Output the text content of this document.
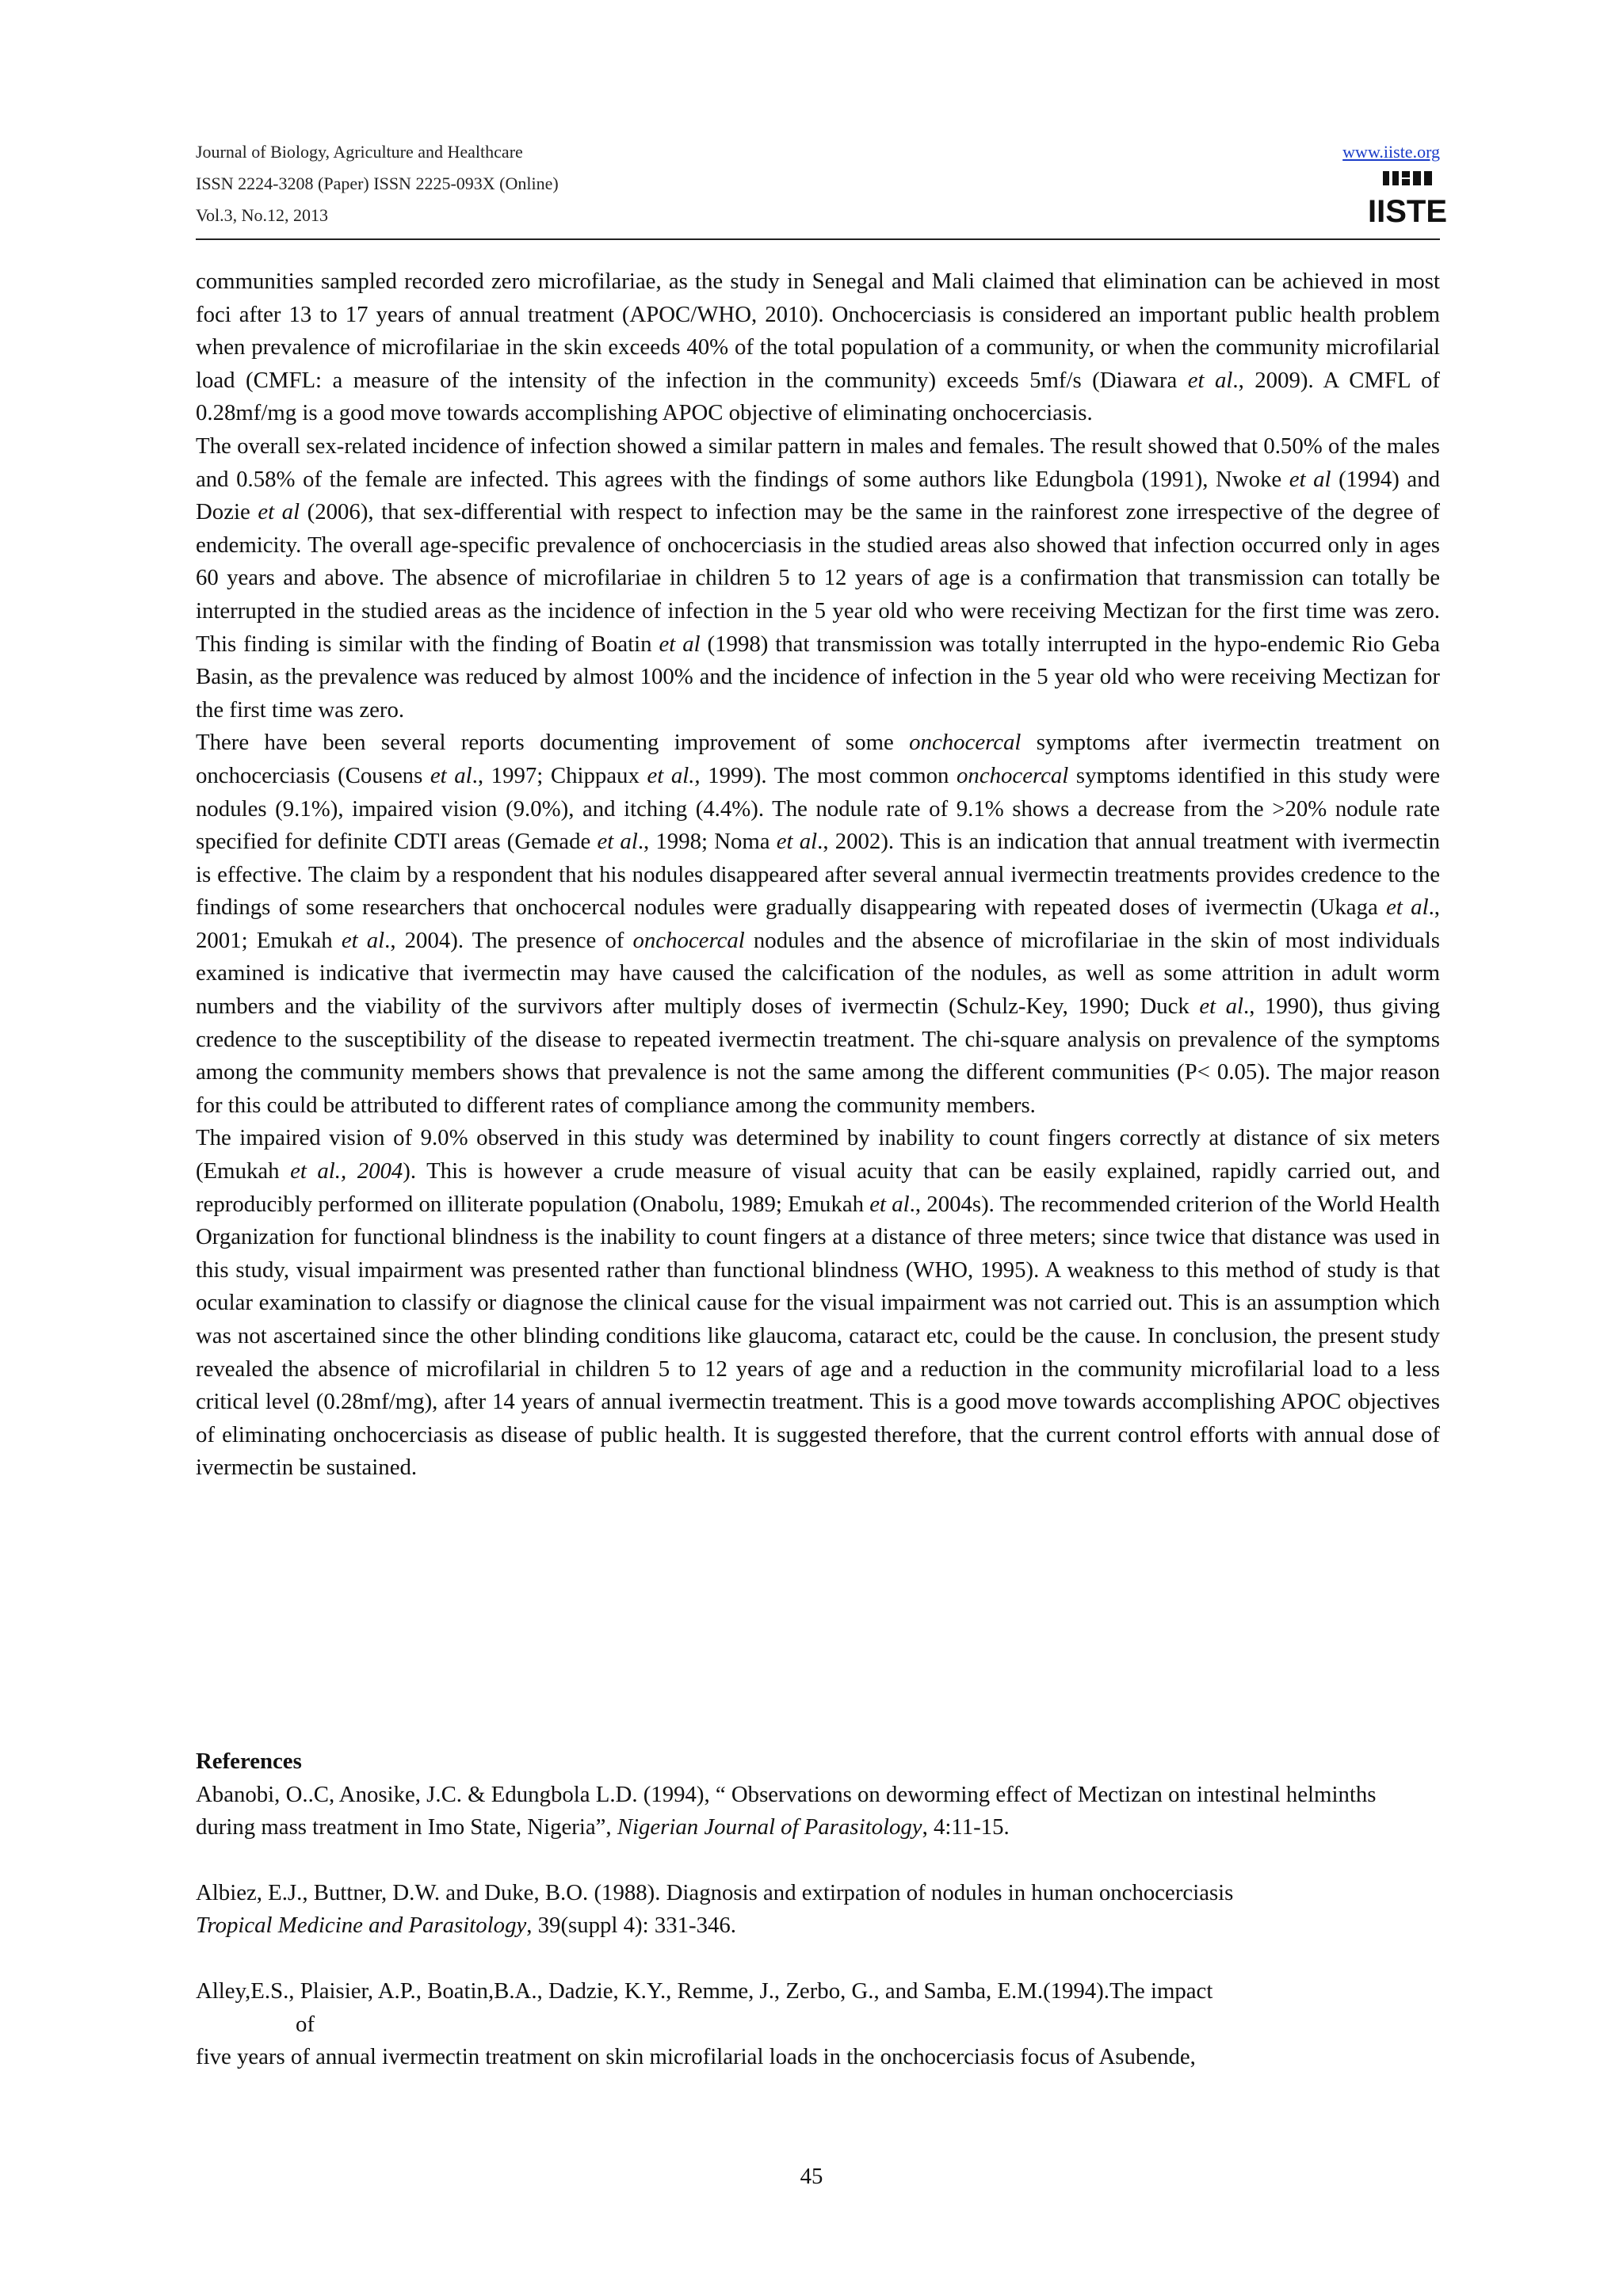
Journal of Biology, Agriculture and Healthcare
ISSN 2224-3208 (Paper) ISSN 2225-093X (Online)
Vol.3, No.12, 2013
www.iiste.org
IISTE

communities sampled recorded zero microfilariae, as the study in Senegal and Mali claimed that elimination can be achieved in most foci after 13 to 17 years of annual treatment (APOC/WHO, 2010). Onchocerciasis is considered an important public health problem when prevalence of microfilariae in the skin exceeds 40% of the total population of a community, or when the community microfilarial load (CMFL: a measure of the intensity of the infection in the community) exceeds 5mf/s (Diawara et al., 2009). A CMFL of 0.28mf/mg is a good move towards accomplishing APOC objective of eliminating onchocerciasis.

The overall sex-related incidence of infection showed a similar pattern in males and females. The result showed that 0.50% of the males and 0.58% of the female are infected. This agrees with the findings of some authors like Edungbola (1991), Nwoke et al (1994) and Dozie et al (2006), that sex-differential with respect to infection may be the same in the rainforest zone irrespective of the degree of endemicity. The overall age-specific prevalence of onchocerciasis in the studied areas also showed that infection occurred only in ages 60 years and above. The absence of microfilariae in children 5 to 12 years of age is a confirmation that transmission can totally be interrupted in the studied areas as the incidence of infection in the 5 year old who were receiving Mectizan for the first time was zero. This finding is similar with the finding of Boatin et al (1998) that transmission was totally interrupted in the hypo-endemic Rio Geba Basin, as the prevalence was reduced by almost 100% and the incidence of infection in the 5 year old who were receiving Mectizan for the first time was zero.

There have been several reports documenting improvement of some onchocercal symptoms after ivermectin treatment on onchocerciasis (Cousens et al., 1997; Chippaux et al., 1999). The most common onchocercal symptoms identified in this study were nodules (9.1%), impaired vision (9.0%), and itching (4.4%). The nodule rate of 9.1% shows a decrease from the >20% nodule rate specified for definite CDTI areas (Gemade et al., 1998; Noma et al., 2002). This is an indication that annual treatment with ivermectin is effective. The claim by a respondent that his nodules disappeared after several annual ivermectin treatments provides credence to the findings of some researchers that onchocercal nodules were gradually disappearing with repeated doses of ivermectin (Ukaga et al., 2001; Emukah et al., 2004). The presence of onchocercal nodules and the absence of microfilariae in the skin of most individuals examined is indicative that ivermectin may have caused the calcification of the nodules, as well as some attrition in adult worm numbers and the viability of the survivors after multiply doses of ivermectin (Schulz-Key, 1990; Duck et al., 1990), thus giving credence to the susceptibility of the disease to repeated ivermectin treatment. The chi-square analysis on prevalence of the symptoms among the community members shows that prevalence is not the same among the different communities (P< 0.05). The major reason for this could be attributed to different rates of compliance among the community members.

The impaired vision of 9.0% observed in this study was determined by inability to count fingers correctly at distance of six meters (Emukah et al., 2004). This is however a crude measure of visual acuity that can be easily explained, rapidly carried out, and reproducibly performed on illiterate population (Onabolu, 1989; Emukah et al., 2004s). The recommended criterion of the World Health Organization for functional blindness is the inability to count fingers at a distance of three meters; since twice that distance was used in this study, visual impairment was presented rather than functional blindness (WHO, 1995). A weakness to this method of study is that ocular examination to classify or diagnose the clinical cause for the visual impairment was not carried out. This is an assumption which was not ascertained since the other blinding conditions like glaucoma, cataract etc, could be the cause. In conclusion, the present study revealed the absence of microfilarial in children 5 to 12 years of age and a reduction in the community microfilarial load to a less critical level (0.28mf/mg), after 14 years of annual ivermectin treatment. This is a good move towards accomplishing APOC objectives of eliminating onchocerciasis as disease of public health. It is suggested therefore, that the current control efforts with annual dose of ivermectin be sustained.

References

Abanobi, O..C, Anosike, J.C. & Edungbola L.D. (1994), “ Observations on deworming effect of Mectizan on intestinal helminths during mass treatment in Imo State, Nigeria”, Nigerian Journal of Parasitology, 4:11-15.

Albiez, E.J., Buttner, D.W. and Duke, B.O. (1988). Diagnosis and extirpation of nodules in human onchocerciasis

Tropical Medicine and Parasitology, 39(suppl 4): 331-346.

Alley,E.S., Plaisier, A.P., Boatin,B.A., Dadzie, K.Y., Remme, J., Zerbo, G., and Samba, E.M.(1994).The impact

of

five years of annual ivermectin treatment on skin microfilarial loads in the onchocerciasis focus of Asubende,

45
